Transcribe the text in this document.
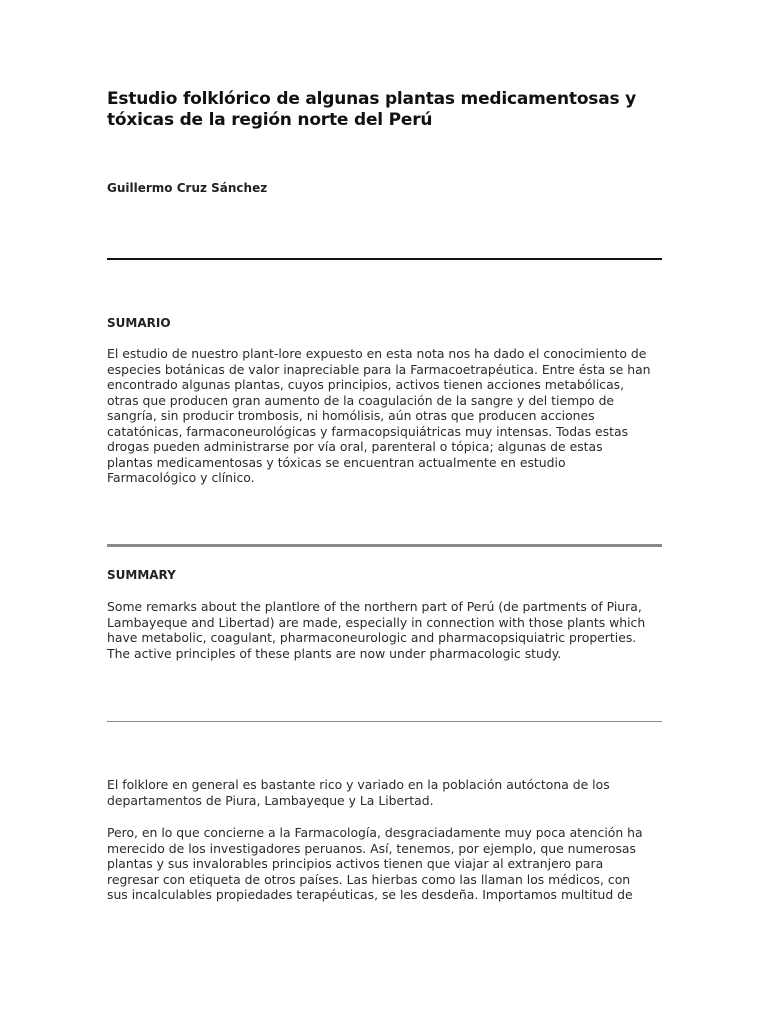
Estudio folklórico de algunas plantas medicamentosas y
tóxicas de la región norte del Perú

Guillermo Cruz Sánchez

SUMARIO

El estudio de nuestro plant-lore expuesto en esta nota nos ha dado el conocimiento de
especies botánicas de valor inapreciable para la Farmacoetrapéutica. Entre ésta se han
encontrado algunas plantas, cuyos principios, activos tienen acciones metabólicas,
otras que producen gran aumento de la coagulación de la sangre y del tiempo de
sangría, sin producir trombosis, ni homólisis, aún otras que producen acciones
catatónicas, farmaconeurológicas y farmacopsiquiátricas muy intensas. Todas estas
drogas pueden administrarse por vía oral, parenteral o tópica; algunas de estas
plantas medicamentosas y tóxicas se encuentran actualmente en estudio
Farmacológico y clínico.

SUMMARY

Some remarks about the plantlore of the northern part of Perú (de partments of Piura,
Lambayeque and Libertad) are made, especially in connection with those plants which
have metabolic, coagulant, pharmaconeurologic and pharmacopsiquiatric properties.
The active principles of these plants are now under pharmacologic study.

El folklore en general es bastante rico y variado en la población autóctona de los
departamentos de Piura, Lambayeque y La Libertad.

Pero, en lo que concierne a la Farmacología, desgraciadamente muy poca atención ha
merecido de los investigadores peruanos. Así, tenemos, por ejemplo, que numerosas
plantas y sus invalorables principios activos tienen que viajar al extranjero para
regresar con etiqueta de otros países. Las hierbas como las llaman los médicos, con
sus incalculables propiedades terapéuticas, se les desdeña. Importamos multitud de
